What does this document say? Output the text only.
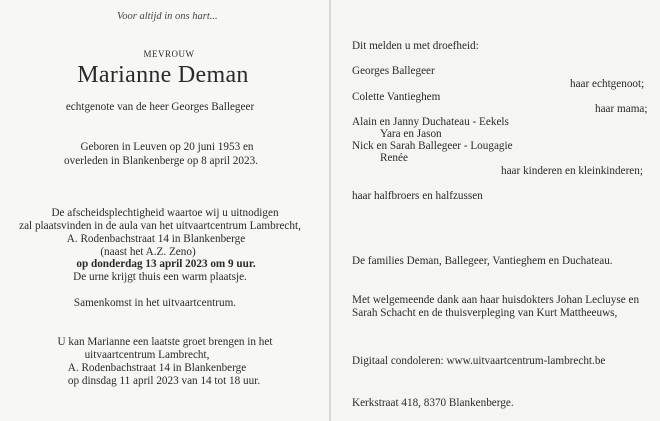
Voor altijd in ons hart...
MEVROUW
Marianne Deman
echtgenote van de heer Georges Ballegeer
Geboren in Leuven op 20 juni 1953 en
overleden in Blankenberge op 8 april 2023.
De afscheidsplechtigheid waartoe wij u uitnodigen
zal plaatsvinden in de aula van het uitvaartcentrum Lambrecht,
A. Rodenbachstraat 14 in Blankenberge
(naast het A.Z. Zeno)
op donderdag 13 april 2023 om 9 uur.
De urne krijgt thuis een warm plaatsje.
Samenkomst in het uitvaartcentrum.
U kan Marianne een laatste groet brengen in het
uitvaartcentrum Lambrecht,
A. Rodenbachstraat 14 in Blankenberge
op dinsdag 11 april 2023 van 14 tot 18 uur.
Dit melden u met droefheid:
Georges Ballegeer
haar echtgenoot;
Colette Vantieghem
haar mama;
Alain en Janny Duchateau - Eekels
Yara en Jason
Nick en Sarah Ballegeer - Lougagie
Renée
haar kinderen en kleinkinderen;
haar halfbroers en halfzussen
De families Deman, Ballegeer, Vantieghem en Duchateau.
Met welgemeende dank aan haar huisdokters Johan Lecluyse en
Sarah Schacht en de thuisverpleging van Kurt Mattheeuws,
Digitaal condoleren: www.uitvaartcentrum-lambrecht.be
Kerkstraat 418, 8370 Blankenberge.
